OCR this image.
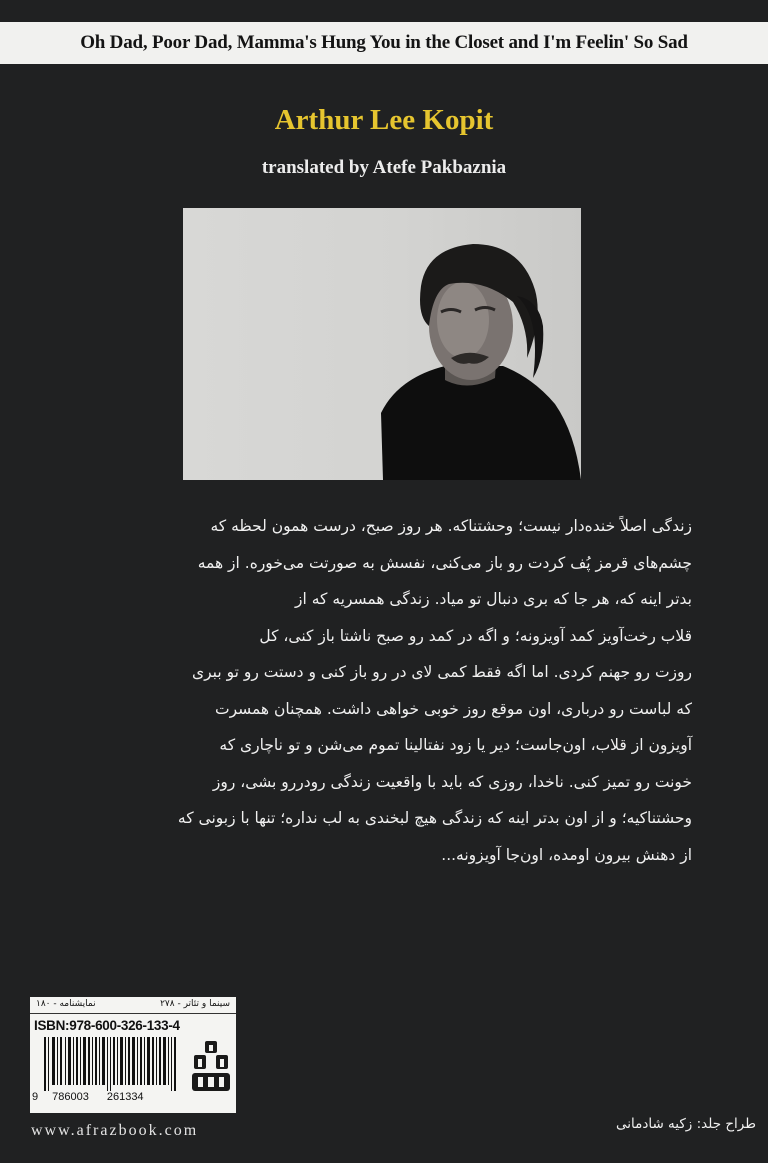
Oh Dad, Poor Dad, Mamma's Hung You in the Closet and I'm Feelin' So Sad
Arthur Lee Kopit
translated by Atefe Pakbaznia
زندگی اصلاً خنده‌دار نیست؛ وحشتناکه. هر روز صبح، درست همون لحظه که
چشم‌های قرمز پُف کردت رو باز می‌کنی، نفسش به صورتت می‌خوره. از همه
بدتر اینه که، هر جا که بری دنبال تو میاد. زندگی همسریه که از
قلاب رخت‌آویز کمد آویزونه؛ و اگه در کمد رو صبح ناشتا باز کنی، کل
روزت رو جهنم کردی. اما اگه فقط کمی لای در رو باز کنی و دستت رو تو ببری
که لباست رو درباری، اون موقع روز خوبی خواهی داشت. همچنان همسرت
آویزون از قلاب، اون‌جاست؛ دیر یا زود نفتالینا تموم می‌شن و تو ناچاری که
خونت رو تمیز کنی. ناخدا، روزی که باید با واقعیت زندگی رودررو بشی، روز
وحشتناکیه؛ و از اون بدتر اینه که زندگی هیچ لبخندی به لب نداره؛ تنها با زبونی که
از دهنش بیرون اومده، اون‌جا آویزونه...
سینما و تئاتر - ۲۷۸
نمایشنامه - ۱۸۰
ISBN:978-600-326-133-4
9 786003 261334
www.afrazbook.com	طراح جلد: زکیه شادمانی
